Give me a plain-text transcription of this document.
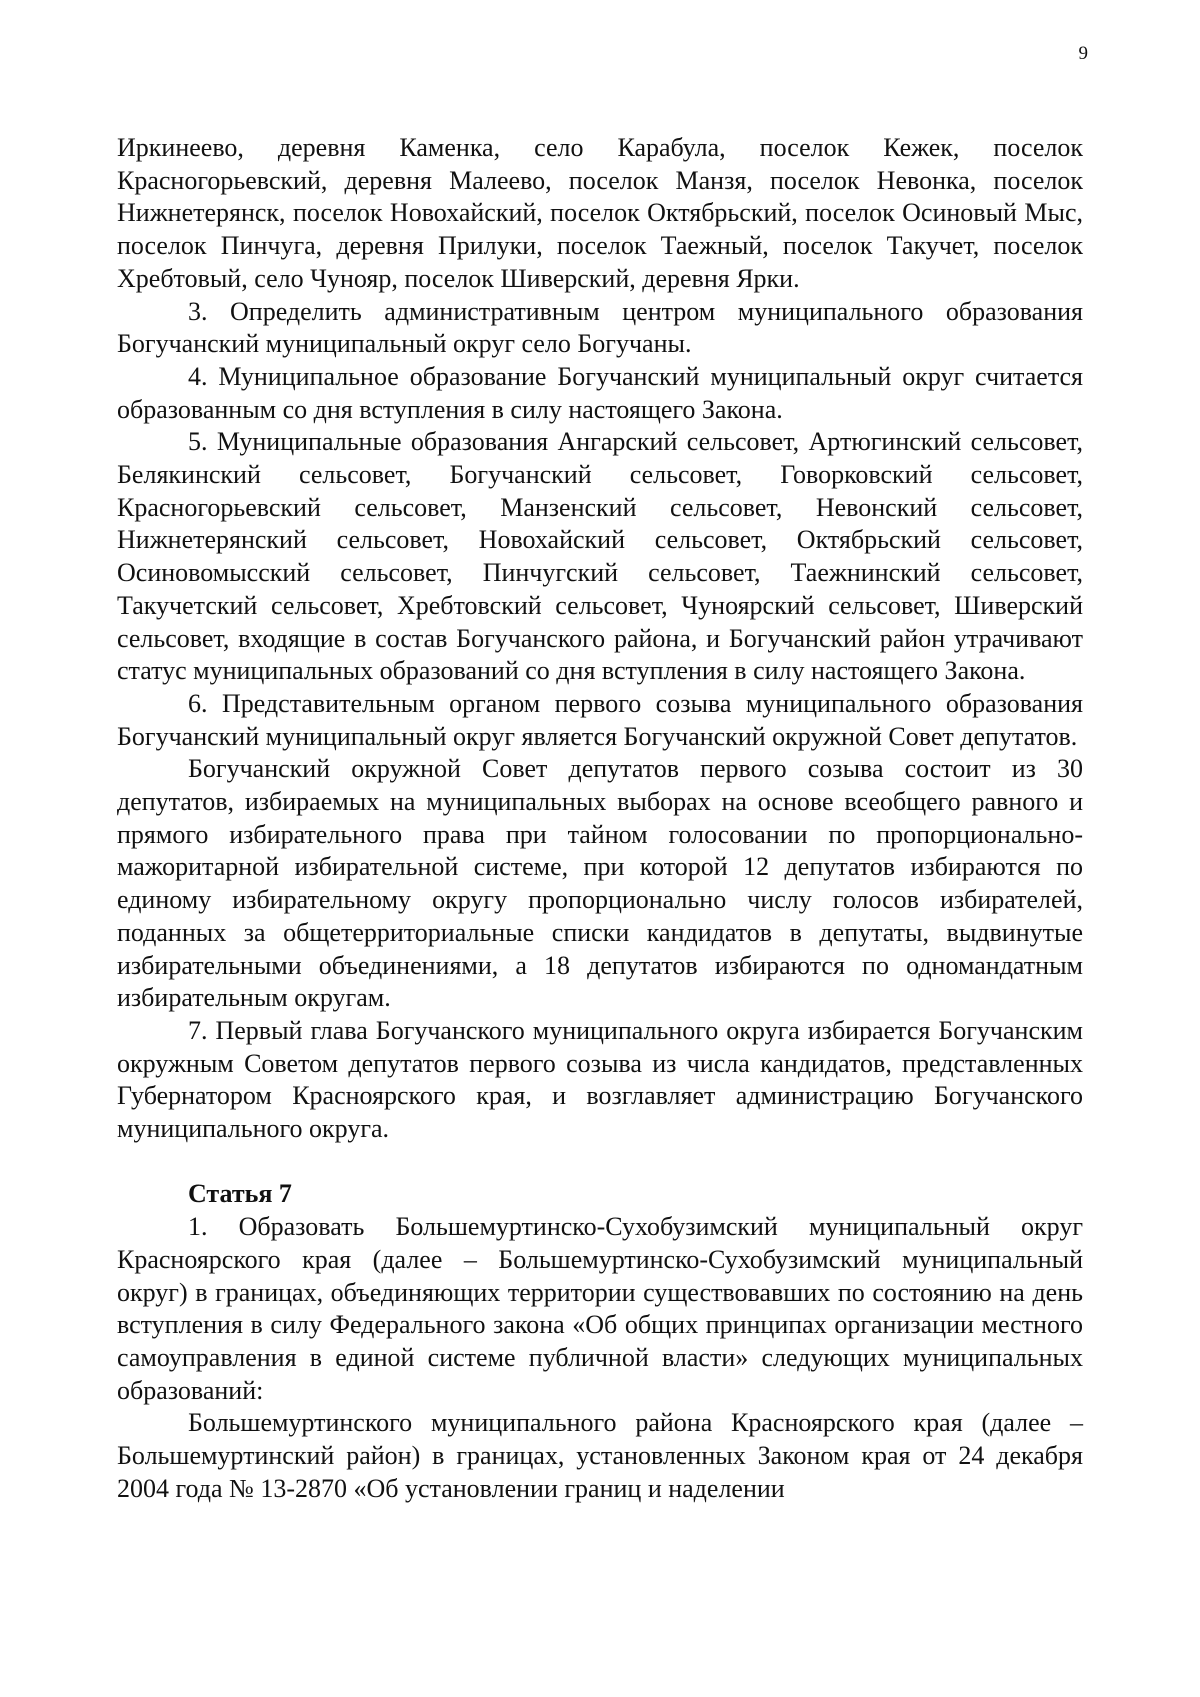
9

Иркинеево, деревня Каменка, село Карабула, поселок Кежек, поселок Красногорьевский, деревня Малеево, поселок Манзя, поселок Невонка, поселок Нижнетерянск, поселок Новохайский, поселок Октябрьский, поселок Осиновый Мыс, поселок Пинчуга, деревня Прилуки, поселок Таежный, поселок Такучет, поселок Хребтовый, село Чунояр, поселок Шиверский, деревня Ярки.

3. Определить административным центром муниципального образования Богучанский муниципальный округ село Богучаны.

4. Муниципальное образование Богучанский муниципальный округ считается образованным со дня вступления в силу настоящего Закона.

5. Муниципальные образования Ангарский сельсовет, Артюгинский сельсовет, Белякинский сельсовет, Богучанский сельсовет, Говорковский сельсовет, Красногорьевский сельсовет, Манзенский сельсовет, Невонский сельсовет, Нижнетерянский сельсовет, Новохайский сельсовет, Октябрьский сельсовет, Осиновомысский сельсовет, Пинчугский сельсовет, Таежнинский сельсовет, Такучетский сельсовет, Хребтовский сельсовет, Чуноярский сельсовет, Шиверский сельсовет, входящие в состав Богучанского района, и Богучанский район утрачивают статус муниципальных образований со дня вступления в силу настоящего Закона.

6. Представительным органом первого созыва муниципального образования Богучанский муниципальный округ является Богучанский окружной Совет депутатов.

Богучанский окружной Совет депутатов первого созыва состоит из 30 депутатов, избираемых на муниципальных выборах на основе всеобщего равного и прямого избирательного права при тайном голосовании по пропорционально-мажоритарной избирательной системе, при которой 12 депутатов избираются по единому избирательному округу пропорционально числу голосов избирателей, поданных за общетерриториальные списки кандидатов в депутаты, выдвинутые избирательными объединениями, а 18 депутатов избираются по одномандатным избирательным округам.

7. Первый глава Богучанского муниципального округа избирается Богучанским окружным Советом депутатов первого созыва из числа кандидатов, представленных Губернатором Красноярского края, и возглавляет администрацию Богучанского муниципального округа.

Статья 7

1. Образовать Большемуртинско-Сухобузимский муниципальный округ Красноярского края (далее – Большемуртинско-Сухобузимский муниципальный округ) в границах, объединяющих территории существовавших по состоянию на день вступления в силу Федерального закона «Об общих принципах организации местного самоуправления в единой системе публичной власти» следующих муниципальных образований:

Большемуртинского муниципального района Красноярского края (далее – Большемуртинский район) в границах, установленных Законом края от 24 декабря 2004 года № 13-2870 «Об установлении границ и наделении
